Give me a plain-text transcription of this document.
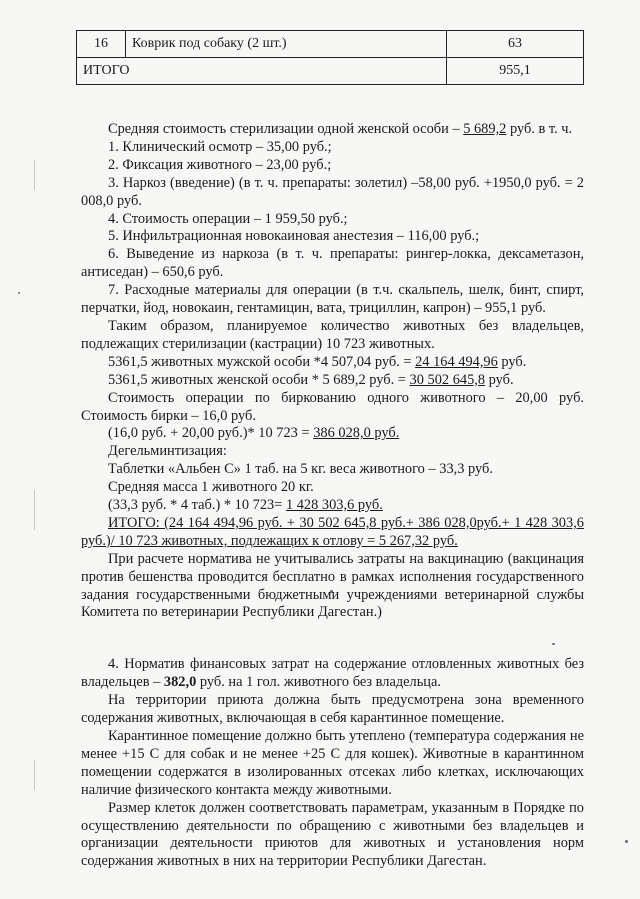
16	Коврик под собаку (2 шт.)	63
ИТОГО		955,1

Средняя стоимость стерилизации одной женской особи – 5 689,2 руб. в т. ч.

1. Клинический осмотр – 35,00 руб.;

2. Фиксация животного – 23,00 руб.;

3. Наркоз (введение) (в т. ч. препараты: золетил) –58,00 руб. +1950,0 руб. = 2 008,0 руб.

4. Стоимость операции – 1 959,50 руб.;

5. Инфильтрационная новокаиновая анестезия – 116,00 руб.;

6. Выведение из наркоза (в т. ч. препараты: рингер-локка, дексаметазон, антиседан) – 650,6 руб.

7. Расходные материалы для операции (в т.ч. скальпель, шелк, бинт, спирт, перчатки, йод, новокаин, гентамицин, вата, трициллин, капрон) – 955,1 руб.

Таким образом, планируемое количество животных без владельцев, подлежащих стерилизации (кастрации) 10 723 животных.

5361,5 животных мужской особи *4 507,04 руб. = 24 164 494,96 руб.

5361,5 животных женской особи * 5 689,2 руб. = 30 502 645,8 руб.

Стоимость операции по биркованию одного животного – 20,00 руб. Стоимость бирки – 16,0 руб.

(16,0 руб. + 20,00 руб.)* 10 723 = 386 028,0 руб.

Дегельминтизация:

Таблетки «Альбен С» 1 таб. на 5 кг. веса животного – 33,3 руб.

Средняя масса 1 животного 20 кг.

(33,3 руб. * 4 таб.) * 10 723= 1 428 303,6 руб.

ИТОГО: (24 164 494,96 руб. + 30 502 645,8 руб.+ 386 028,0руб.+ 1 428 303,6

руб.)/ 10 723 животных, подлежащих к отлову = 5 267,32 руб.

При расчете норматива не учитывались затраты на вакцинацию (вакцинация против бешенства проводится бесплатно в рамках исполнения государственного задания государственными бюджетными учреждениями ветеринарной службы Комитета по ветеринарии Республики Дагестан.)

4. Норматив финансовых затрат на содержание отловленных животных без владельцев – 382,0 руб. на 1 гол. животного без владельца.

На территории приюта должна быть предусмотрена зона временного содержания животных, включающая в себя карантинное помещение.

Карантинное помещение должно быть утеплено (температура содержания не менее +15 С для собак и не менее +25 С для кошек). Животные в карантинном помещении содержатся в изолированных отсеках либо клетках, исключающих наличие физического контакта между животными.

Размер клеток должен соответствовать параметрам, указанным в Порядке по осуществлению деятельности по обращению с животными без владельцев и организации деятельности приютов для животных и установления норм содержания животных в них на территории Республики Дагестан.
